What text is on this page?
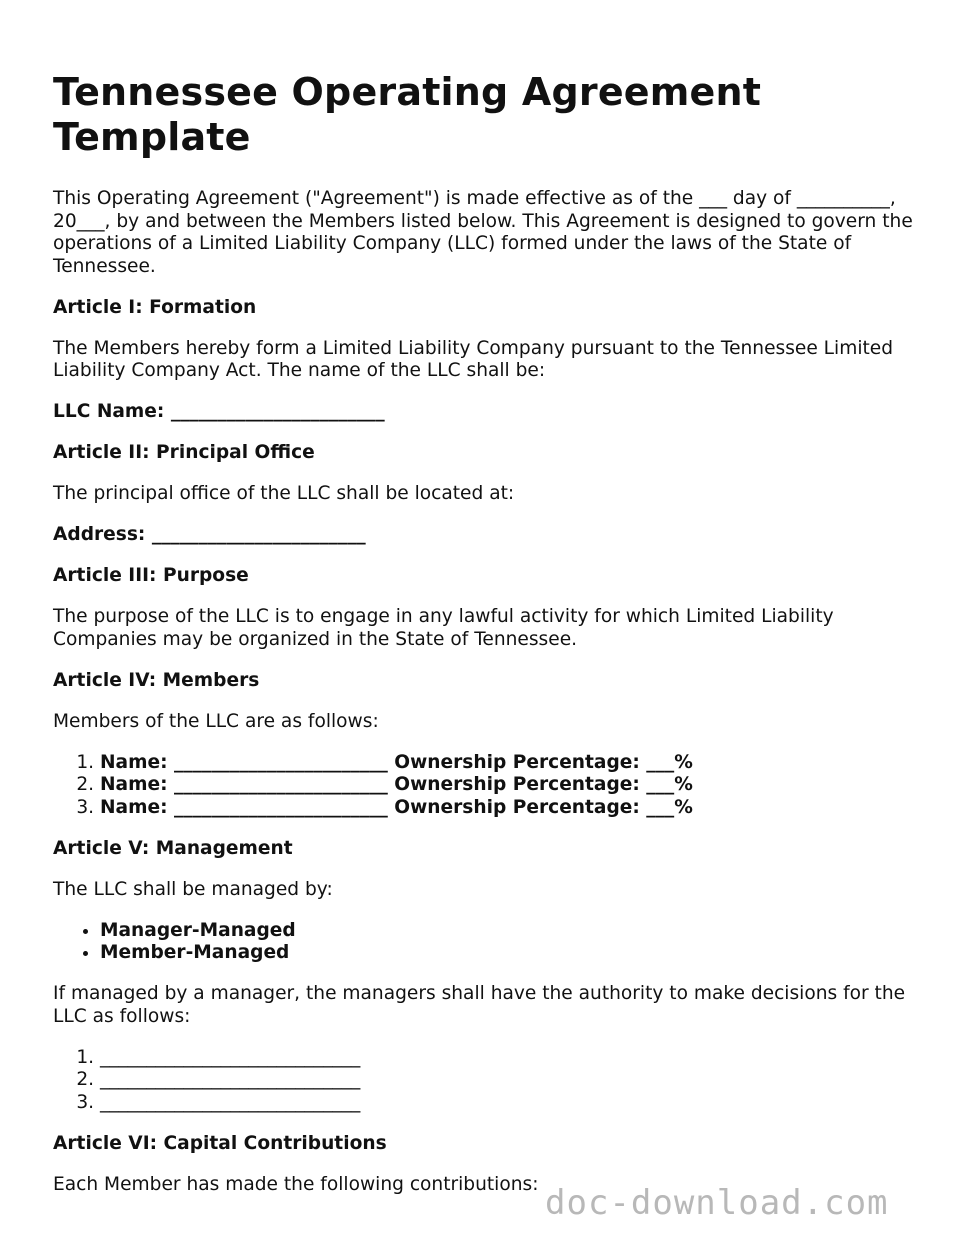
Tennessee Operating Agreement Template

This Operating Agreement ("Agreement") is made effective as of the ___ day of __________, 20___, by and between the Members listed below. This Agreement is designed to govern the operations of a Limited Liability Company (LLC) formed under the laws of the State of Tennessee.

Article I: Formation

The Members hereby form a Limited Liability Company pursuant to the Tennessee Limited Liability Company Act. The name of the LLC shall be:

LLC Name: _______________________

Article II: Principal Office

The principal office of the LLC shall be located at:

Address: _______________________

Article III: Purpose

The purpose of the LLC is to engage in any lawful activity for which Limited Liability Companies may be organized in the State of Tennessee.

Article IV: Members

Members of the LLC are as follows:

1. Name: _______________________ Ownership Percentage: ___%
2. Name: _______________________ Ownership Percentage: ___%
3. Name: _______________________ Ownership Percentage: ___%

Article V: Management

The LLC shall be managed by:

• Manager-Managed
• Member-Managed

If managed by a manager, the managers shall have the authority to make decisions for the LLC as follows:

1. ____________________________
2. ____________________________
3. ____________________________

Article VI: Capital Contributions

Each Member has made the following contributions: doc-download.com
